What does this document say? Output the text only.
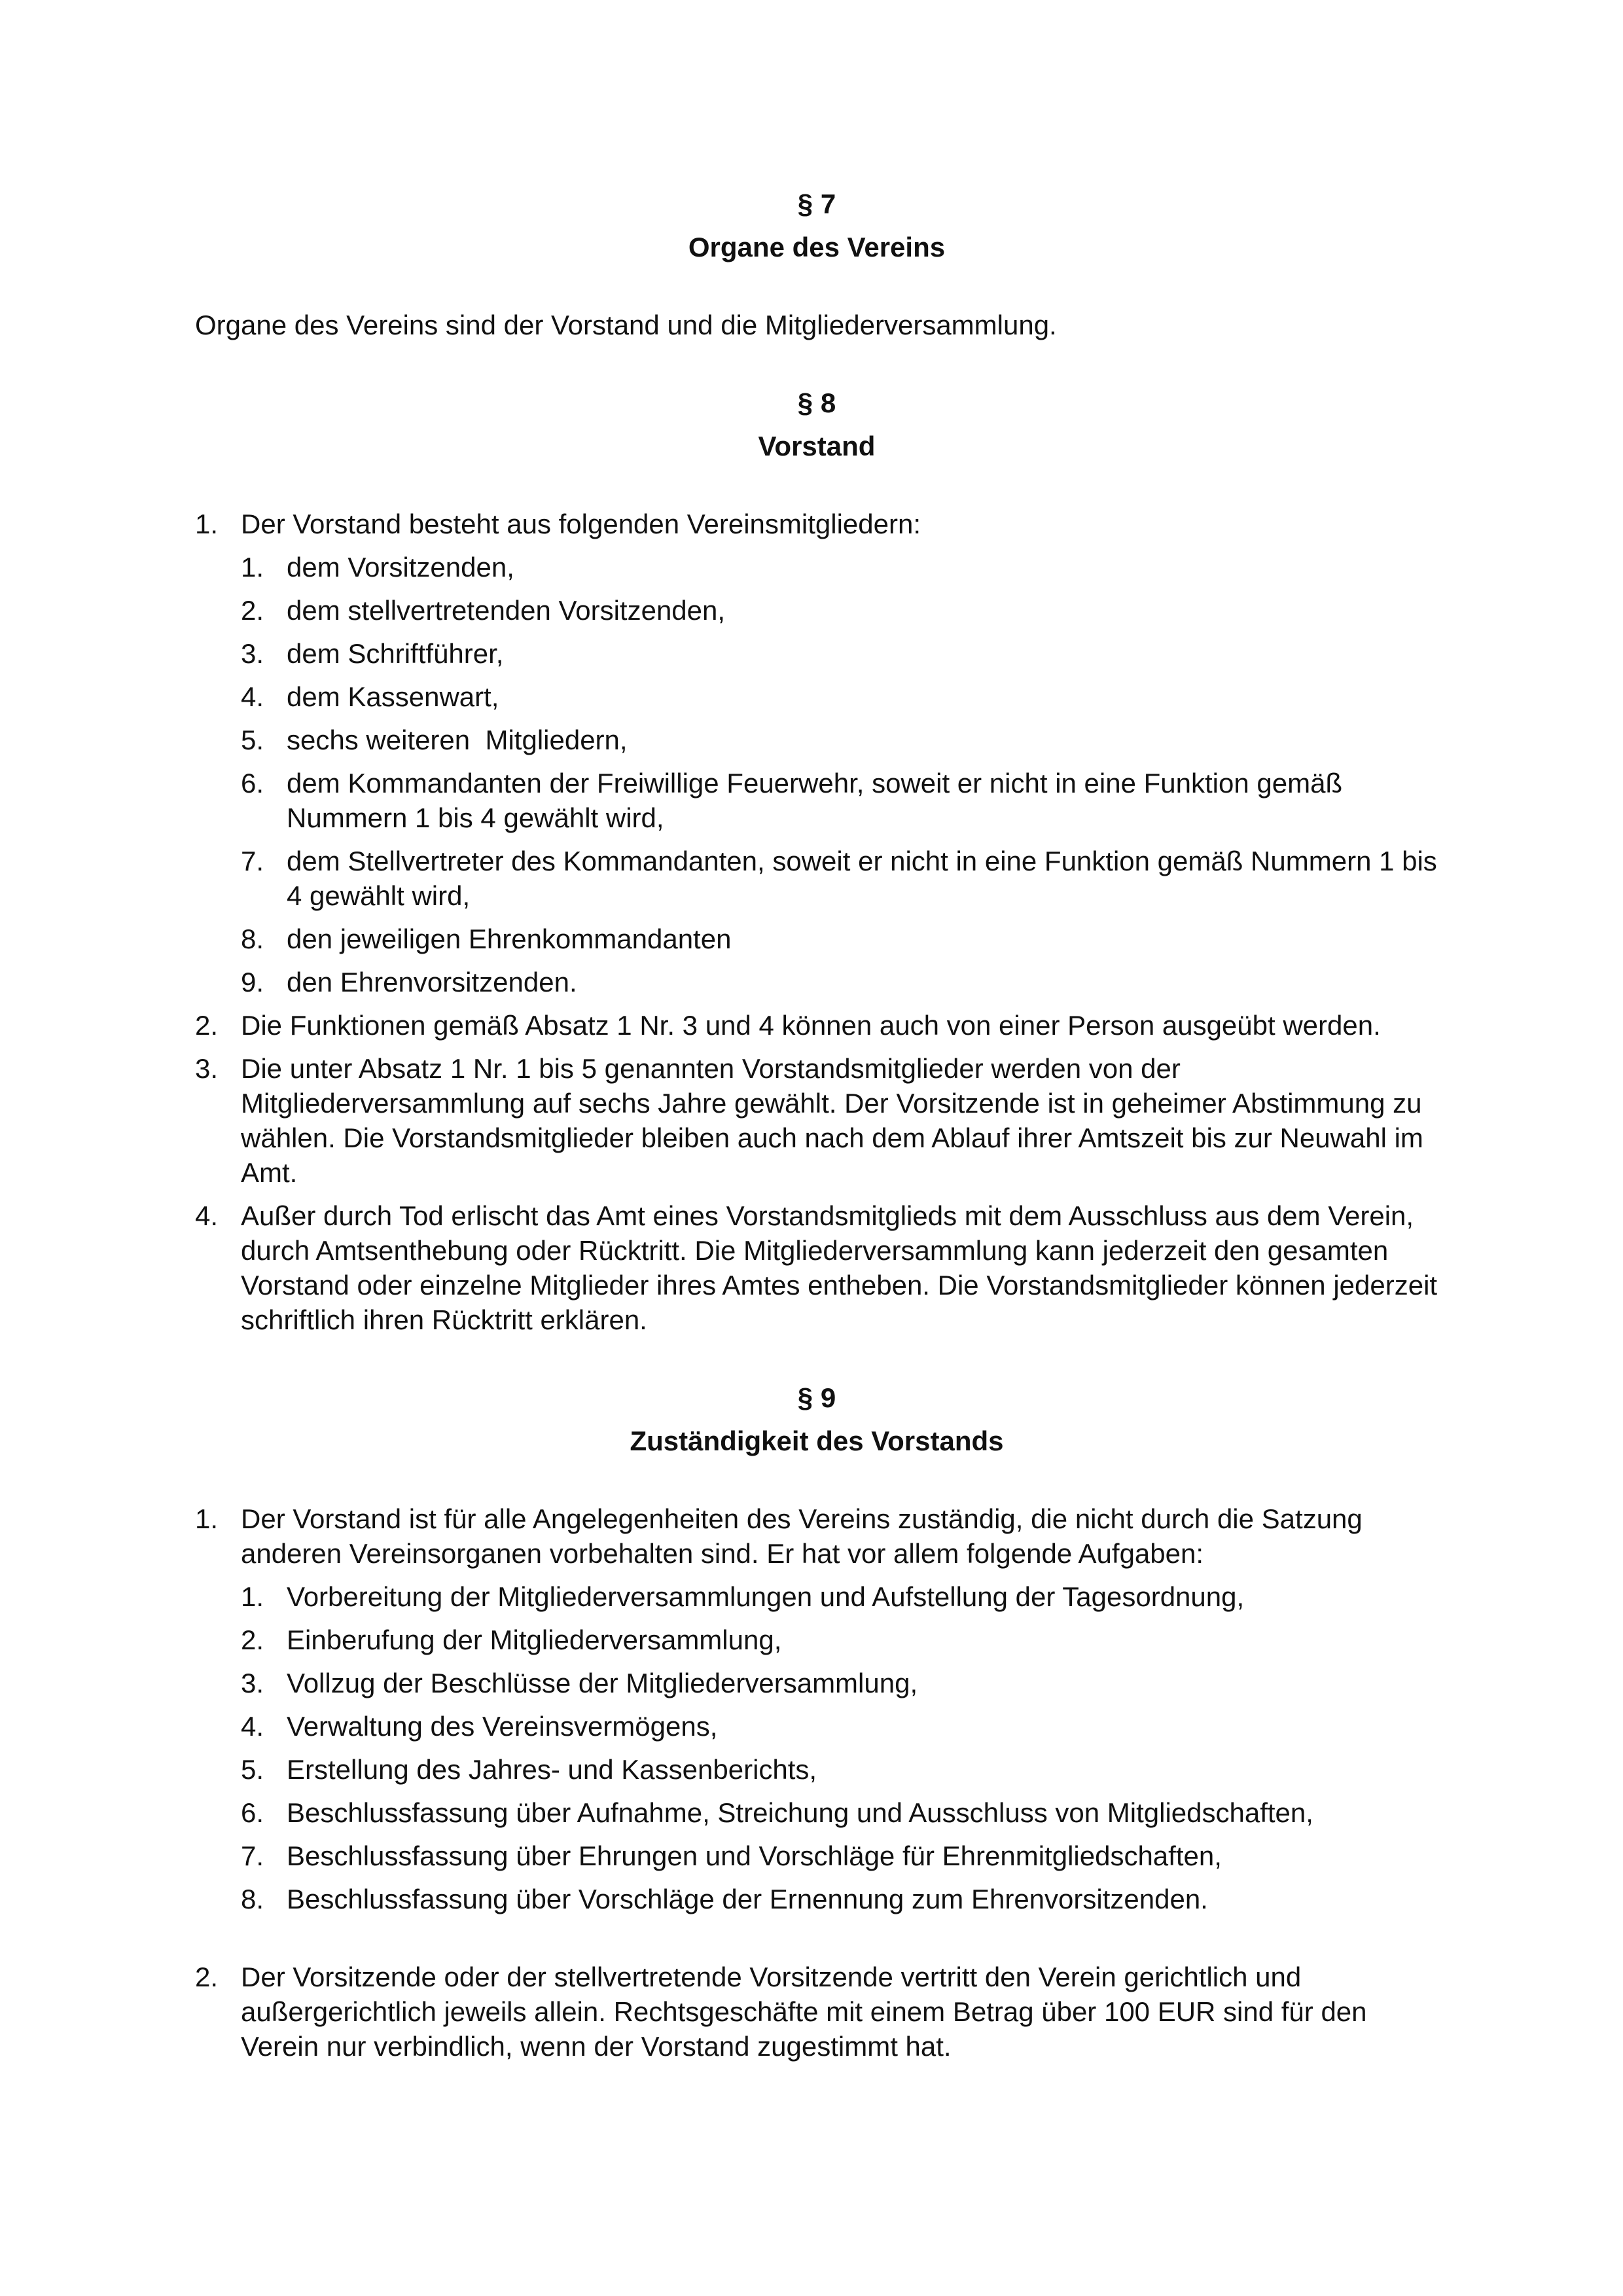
§ 7
Organe des Vereins

Organe des Vereins sind der Vorstand und die Mitgliederversammlung.

§ 8
Vorstand
1. Der Vorstand besteht aus folgenden Vereinsmitgliedern:
1. dem Vorsitzenden,
2. dem stellvertretenden Vorsitzenden,
3. dem Schriftführer,
4. dem Kassenwart,
5. sechs weiteren  Mitgliedern,
6. dem Kommandanten der Freiwillige Feuerwehr, soweit er nicht in eine Funktion gemäß Nummern 1 bis 4 gewählt wird,
7. dem Stellvertreter des Kommandanten, soweit er nicht in eine Funktion gemäß Nummern 1 bis 4 gewählt wird,
8. den jeweiligen Ehrenkommandanten
9. den Ehrenvorsitzenden.
2. Die Funktionen gemäß Absatz 1 Nr. 3 und 4 können auch von einer Person ausgeübt werden.
3. Die unter Absatz 1 Nr. 1 bis 5 genannten Vorstandsmitglieder werden von der Mitgliederversammlung auf sechs Jahre gewählt. Der Vorsitzende ist in geheimer Abstimmung zu wählen. Die Vorstandsmitglieder bleiben auch nach dem Ablauf ihrer Amtszeit bis zur Neuwahl im Amt.
4. Außer durch Tod erlischt das Amt eines Vorstandsmitglieds mit dem Ausschluss aus dem Verein, durch Amtsenthebung oder Rücktritt. Die Mitgliederversammlung kann jederzeit den gesamten Vorstand oder einzelne Mitglieder ihres Amtes entheben. Die Vorstandsmitglieder können jederzeit schriftlich ihren Rücktritt erklären.
§ 9
Zuständigkeit des Vorstands
1. Der Vorstand ist für alle Angelegenheiten des Vereins zuständig, die nicht durch die Satzung anderen Vereinsorganen vorbehalten sind. Er hat vor allem folgende Aufgaben:
1. Vorbereitung der Mitgliederversammlungen und Aufstellung der Tagesordnung,
2. Einberufung der Mitgliederversammlung,
3. Vollzug der Beschlüsse der Mitgliederversammlung,
4. Verwaltung des Vereinsvermögens,
5. Erstellung des Jahres- und Kassenberichts,
6. Beschlussfassung über Aufnahme, Streichung und Ausschluss von Mitgliedschaften,
7. Beschlussfassung über Ehrungen und Vorschläge für Ehrenmitgliedschaften,
8. Beschlussfassung über Vorschläge der Ernennung zum Ehrenvorsitzenden.
2. Der Vorsitzende oder der stellvertretende Vorsitzende vertritt den Verein gerichtlich und außergerichtlich jeweils allein. Rechtsgeschäfte mit einem Betrag über 100 EUR sind für den Verein nur verbindlich, wenn der Vorstand zugestimmt hat.
